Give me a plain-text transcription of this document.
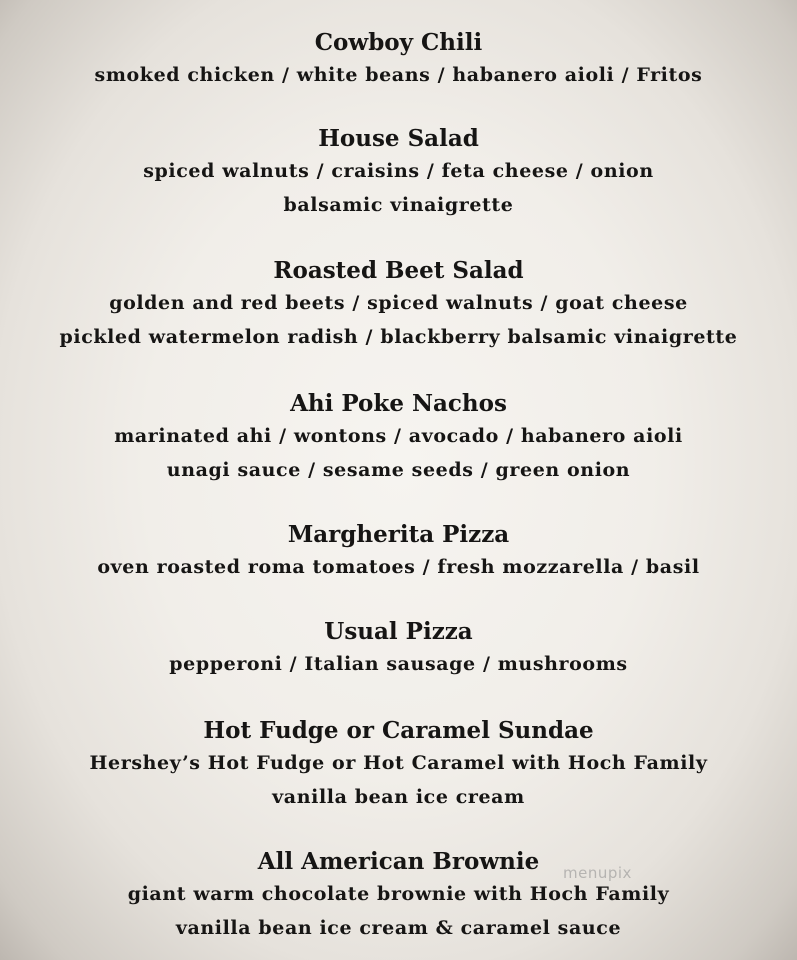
Cowboy Chili
smoked chicken / white beans / habanero aioli / Fritos
House Salad
spiced walnuts / craisins / feta cheese / onion
balsamic vinaigrette
Roasted Beet Salad
golden and red beets / spiced walnuts / goat cheese
pickled watermelon radish / blackberry balsamic vinaigrette
Ahi Poke Nachos
marinated ahi / wontons / avocado / habanero aioli
unagi sauce / sesame seeds / green onion
Margherita Pizza
oven roasted roma tomatoes / fresh mozzarella / basil
Usual Pizza
pepperoni / Italian sausage / mushrooms
Hot Fudge or Caramel Sundae
Hershey’s Hot Fudge or Hot Caramel with Hoch Family
vanilla bean ice cream
All American Brownie
giant warm chocolate brownie with Hoch Family
vanilla bean ice cream & caramel sauce
menupix
